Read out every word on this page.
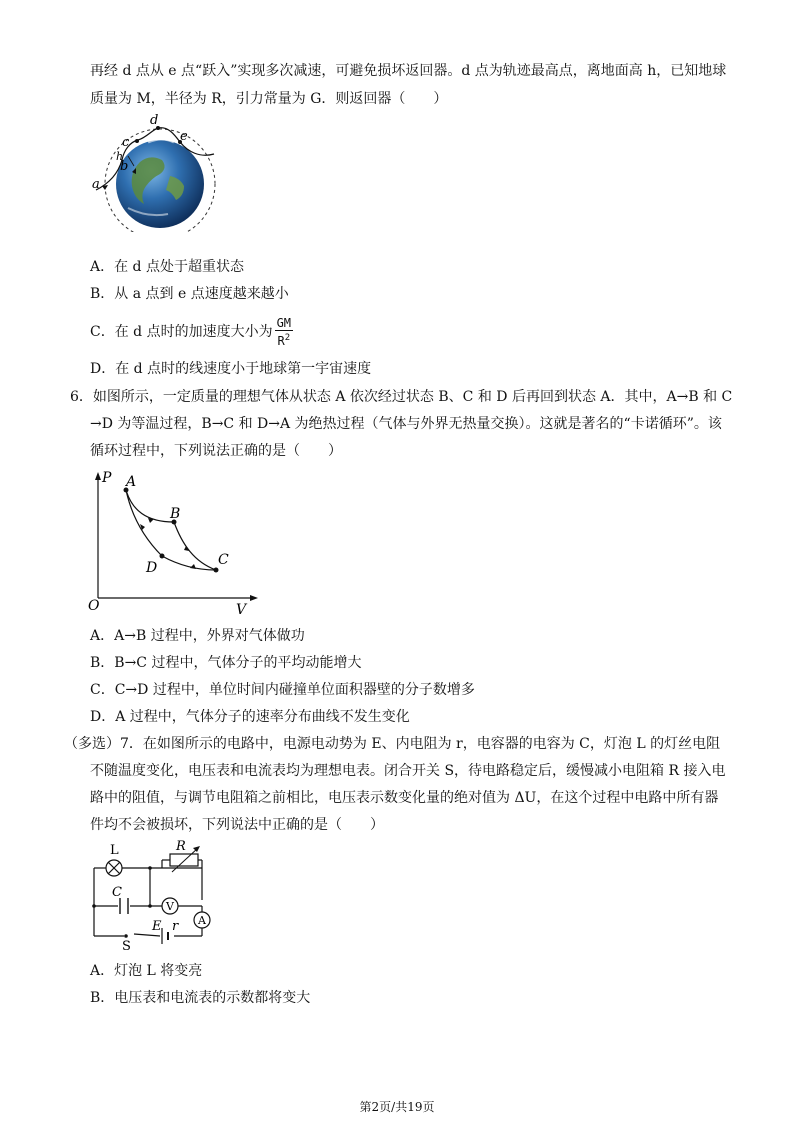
再经 d 点从 e 点“跃入”实现多次减速，可避免损坏返回器。d 点为轨迹最高点，离地面高 h，已知地球
质量为 M，半径为 R，引力常量为 G．则返回器（　　）
a
b
c
d
e
h
A．在 d 点处于超重状态
B．从 a 点到 e 点速度越来越小
C．在 d 点时的加速度大小为 $\frac{GM}{R^2}$
D．在 d 点时的线速度小于地球第一宇宙速度
6．如图所示，一定质量的理想气体从状态 A 依次经过状态 B、C 和 D 后再回到状态 A．其中，A→B 和 C
→D 为等温过程，B→C 和 D→A 为绝热过程（气体与外界无热量交换）。这就是著名的“卡诺循环”。该
循环过程中，下列说法正确的是（　　）
P
V
O
A
B
C
D
A．A→B 过程中，外界对气体做功
B．B→C 过程中，气体分子的平均动能增大
C．C→D 过程中，单位时间内碰撞单位面积器壁的分子数增多
D．A 过程中，气体分子的速率分布曲线不发生变化
（多选）7．在如图所示的电路中，电源电动势为 E、内电阻为 r，电容器的电容为 C，灯泡 L 的灯丝电阻
不随温度变化，电压表和电流表均为理想电表。闭合开关 S，待电路稳定后，缓慢减小电阻箱 R 接入电
路中的阻值，与调节电阻箱之前相比，电压表示数变化量的绝对值为 ΔU，在这个过程中电路中所有器
件均不会被损坏，下列说法中正确的是（　　）
L	R
C
V
A
E r
S
A．灯泡 L 将变亮
B．电压表和电流表的示数都将变大
第2页/共19页
